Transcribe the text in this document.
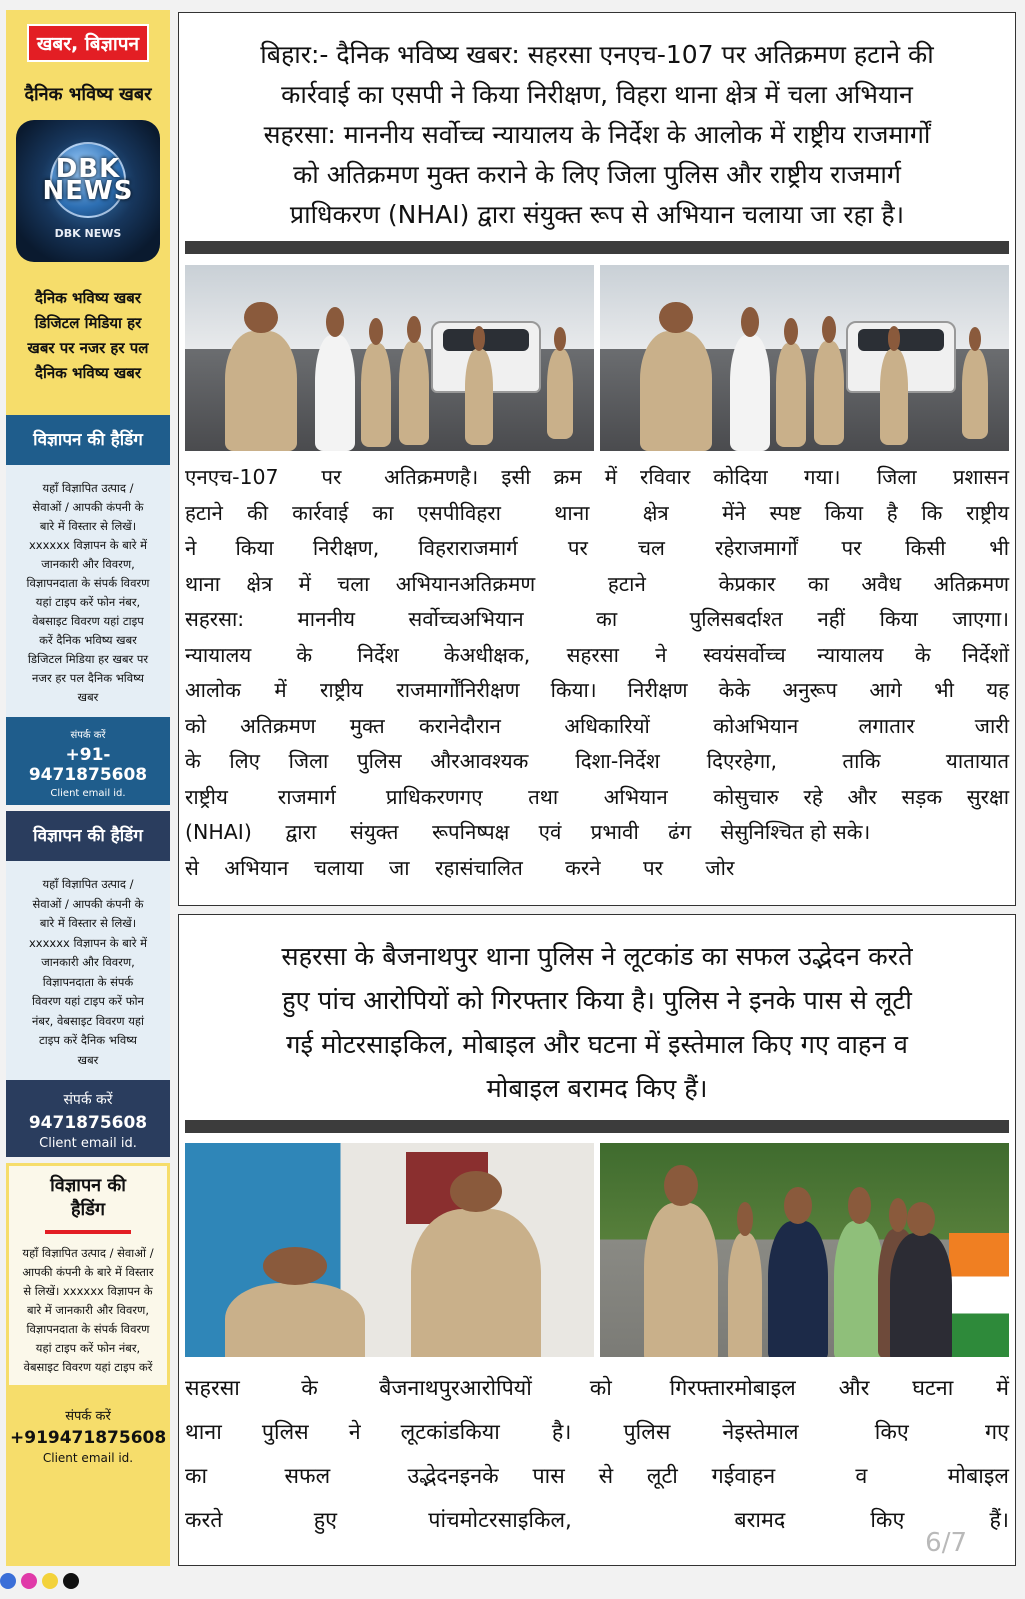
खबर, बिज्ञापन
दैनिक भविष्य खबर
DBK NEWS
DBK NEWS
दैनिक भविष्य खबर
डिजिटल मिडिया हर
खबर पर नजर हर पल
दैनिक भविष्य खबर
विज्ञापन की हैडिंग
यहाँ विज्ञापित उत्पाद /
सेवाओं / आपकी कंपनी के
बारे में विस्तार से लिखें।
xxxxxx विज्ञापन के बारे में
जानकारी और विवरण,
विज्ञापनदाता के संपर्क विवरण
यहां टाइप करें फोन नंबर,
वेबसाइट विवरण यहां टाइप
करें दैनिक भविष्य खबर
डिजिटल मिडिया हर खबर पर
नजर हर पल दैनिक भविष्य
खबर
संपर्क करें
+91-9471875608
Client email id.
विज्ञापन की हैडिंग
यहाँ विज्ञापित उत्पाद /
सेवाओं / आपकी कंपनी के
बारे में विस्तार से लिखें।
xxxxxx विज्ञापन के बारे में
जानकारी और विवरण,
विज्ञापनदाता के संपर्क
विवरण यहां टाइप करें फोन
नंबर, वेबसाइट विवरण यहां
टाइप करें दैनिक भविष्य
खबर
संपर्क करें
9471875608
Client email id.
विज्ञापन की
हैडिंग
यहाँ विज्ञापित उत्पाद / सेवाओं /
आपकी कंपनी के बारे में विस्तार
से लिखें। xxxxxx विज्ञापन के
बारे में जानकारी और विवरण,
विज्ञापनदाता के संपर्क विवरण
यहां टाइप करें फोन नंबर,
वेबसाइट विवरण यहां टाइप करें
संपर्क करें
+919471875608
Client email id.
बिहार:- दैनिक भविष्य खबर: सहरसा एनएच-107 पर अतिक्रमण हटाने की
कार्रवाई का एसपी ने किया निरीक्षण, विहरा थाना क्षेत्र में चला अभियान
सहरसा: माननीय सर्वोच्च न्यायालय के निर्देश के आलोक में राष्ट्रीय राजमार्गों
को अतिक्रमण मुक्त कराने के लिए जिला पुलिस और राष्ट्रीय राजमार्ग
प्राधिकरण (NHAI) द्वारा संयुक्त रूप से अभियान चलाया जा रहा है।
एनएच-107 पर अतिक्रमण
हटाने की कार्रवाई का एसपी
ने किया निरीक्षण, विहरा
थाना क्षेत्र में चला अभियान
सहरसा: माननीय सर्वोच्च
न्यायालय के निर्देश के
आलोक में राष्ट्रीय राजमार्गों
को अतिक्रमण मुक्त कराने
के लिए जिला पुलिस और
राष्ट्रीय राजमार्ग प्राधिकरण
(NHAI) द्वारा संयुक्त रूप
से अभियान चलाया जा रहा
है। इसी क्रम में रविवार को
विहरा थाना क्षेत्र में
राजमार्ग पर चल रहे
अतिक्रमण हटाने के
अभियान का पुलिस
अधीक्षक, सहरसा ने स्वयं
निरीक्षण किया। निरीक्षण के
दौरान अधिकारियों को
आवश्यक दिशा-निर्देश दिए
गए तथा अभियान को
निष्पक्ष एवं प्रभावी ढंग से
संचालित करने पर जोर
दिया गया। जिला प्रशासन
ने स्पष्ट किया है कि राष्ट्रीय
राजमार्गों पर किसी भी
प्रकार का अवैध अतिक्रमण
बर्दाश्त नहीं किया जाएगा।
सर्वोच्च न्यायालय के निर्देशों
के अनुरूप आगे भी यह
अभियान लगातार जारी
रहेगा, ताकि यातायात
सुचारु रहे और सड़क सुरक्षा
सुनिश्चित हो सके।
सहरसा के बैजनाथपुर थाना पुलिस ने लूटकांड का सफल उद्भेदन करते
हुए पांच आरोपियों को गिरफ्तार किया है। पुलिस ने इनके पास से लूटी
गई मोटरसाइकिल, मोबाइल और घटना में इस्तेमाल किए गए वाहन व
मोबाइल बरामद किए हैं।
सहरसा के बैजनाथपुर
थाना पुलिस ने लूटकांड
का सफल उद्भेदन
करते हुए पांच
आरोपियों को गिरफ्तार
किया है। पुलिस ने
इनके पास से लूटी गई
मोटरसाइकिल,
मोबाइल और घटना में
इस्तेमाल किए गए
वाहन व मोबाइल
बरामद किए हैं।
6/7
